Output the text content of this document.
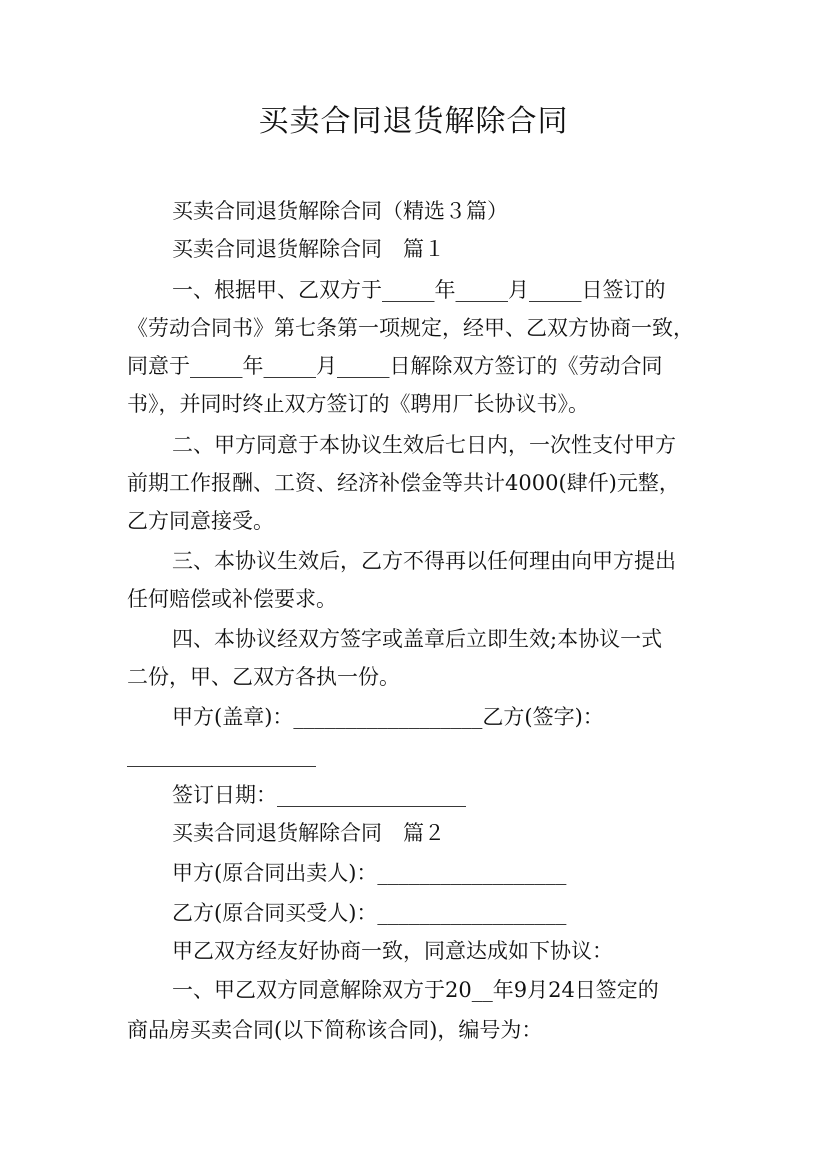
买卖合同退货解除合同
买卖合同退货解除合同（精选３篇）
买卖合同退货解除合同　篇１
一、根据甲、乙双方于_____年_____月_____日签订的
《劳动合同书》第七条第一项规定，经甲、乙双方协商一致，
同意于_____年_____月_____日解除双方签订的《劳动合同
书》，并同时终止双方签订的《聘用厂长协议书》。
二、甲方同意于本协议生效后七日内，一次性支付甲方
前期工作报酬、工资、经济补偿金等共计4000(肆仟)元整，
乙方同意接受。
三、本协议生效后，乙方不得再以任何理由向甲方提出
任何赔偿或补偿要求。
四、本协议经双方签字或盖章后立即生效;本协议一式
二份，甲、乙双方各执一份。
甲方(盖章)：__________________乙方(签字)：
__________________
签订日期：__________________
买卖合同退货解除合同　篇２
甲方(原合同出卖人)：__________________
乙方(原合同买受人)：__________________
甲乙双方经友好协商一致，同意达成如下协议：
一、甲乙双方同意解除双方于20__年9月24日签定的
商品房买卖合同(以下简称该合同)，编号为：
